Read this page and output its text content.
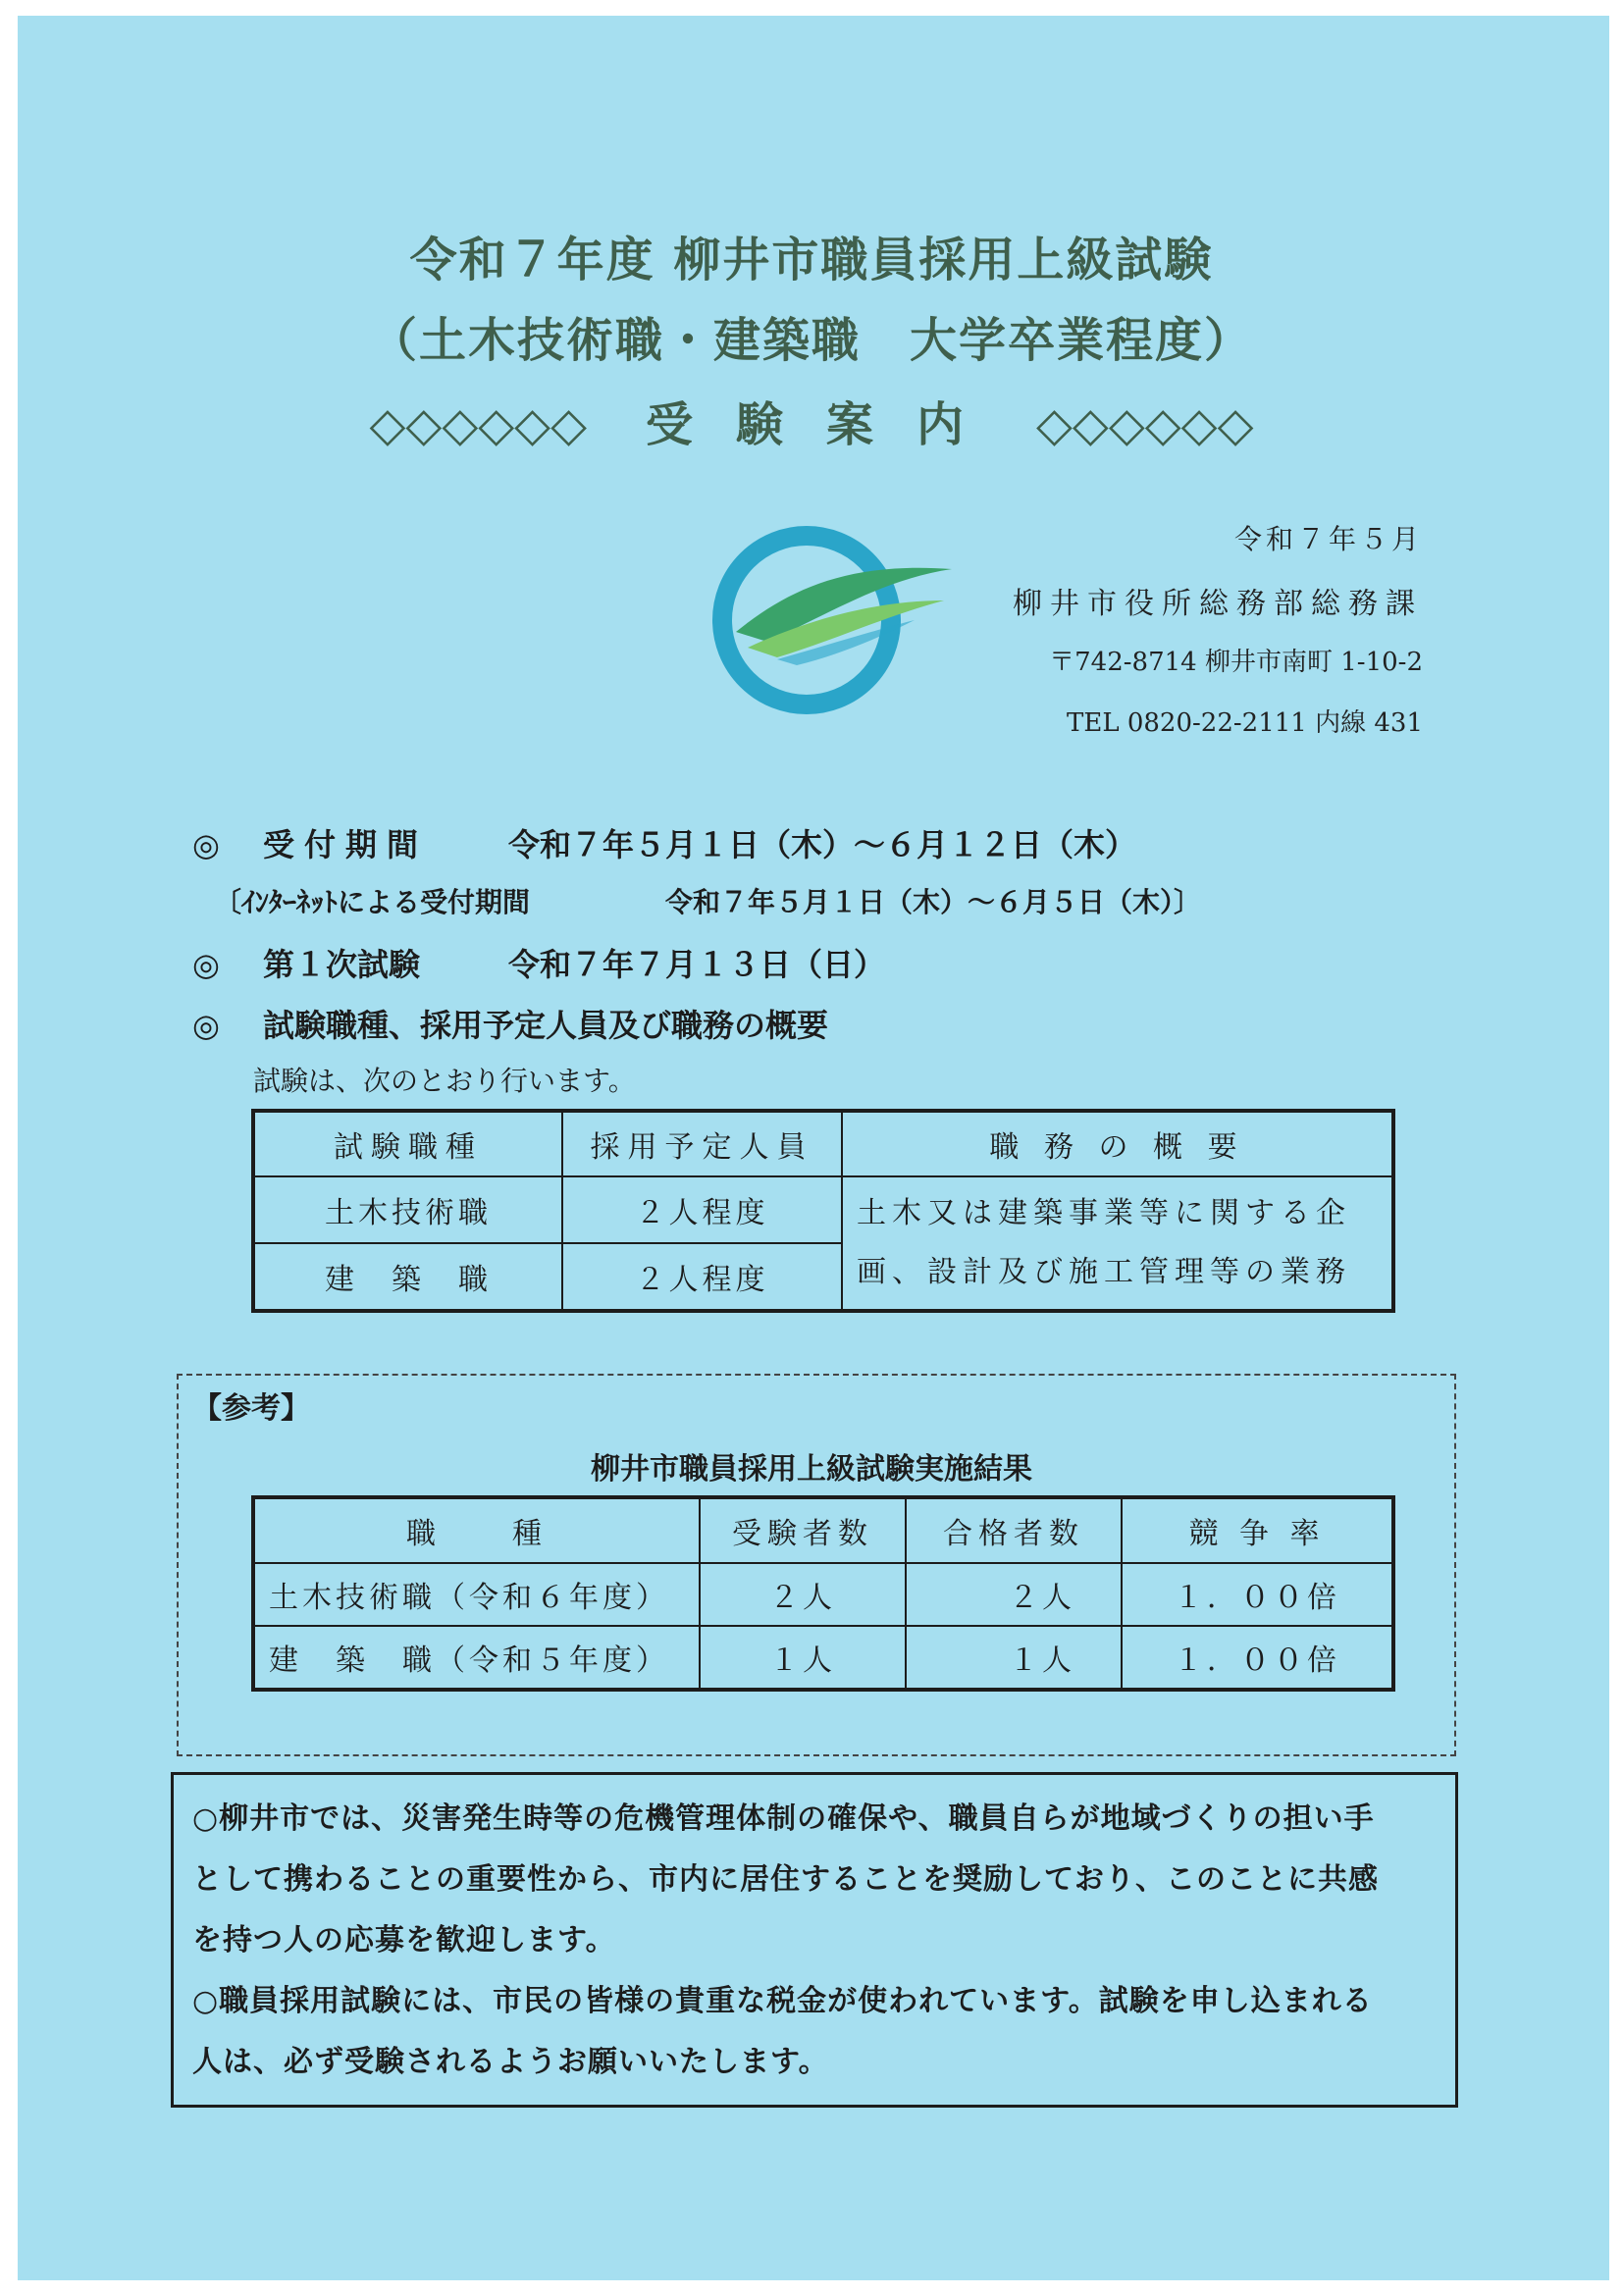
令和７年度 柳井市職員採用上級試験
（土木技術職・建築職　大学卒業程度）
◇◇◇◇◇◇ 受験案内 ◇◇◇◇◇◇
令和７年５月
柳井市役所総務部総務課
〒742-8714 柳井市南町 1-10-2
TEL 0820-22-2111 内線 431
◎ 受付期間	令和７年５月１日（木）～６月１２日（木）
〔ｲﾝﾀｰﾈｯﾄによる受付期間	令和７年５月１日（木）～６月５日（木）〕
◎ 第１次試験	令和７年７月１３日（日）
◎ 試験職種、採用予定人員及び職務の概要
試験は、次のとおり行います。
試験職種	採用予定人員	職 務 の 概 要
土木技術職	２人程度	土木又は建築事業等に関する企
画、設計及び施工管理等の業務

建　築　職	２人程度	
【参考】
柳井市職員採用上級試験実施結果
職　　種	受験者数	合格者数	競 争 率
土木技術職（令和６年度）	２人	２人	１．００倍
建　築　職（令和５年度）	１人	１人	１．００倍
○柳井市では、災害発生時等の危機管理体制の確保や、職員自らが地域づくりの担い手
として携わることの重要性から、市内に居住することを奨励しており、このことに共感
を持つ人の応募を歓迎します。
○職員採用試験には、市民の皆様の貴重な税金が使われています。試験を申し込まれる
人は、必ず受験されるようお願いいたします。
